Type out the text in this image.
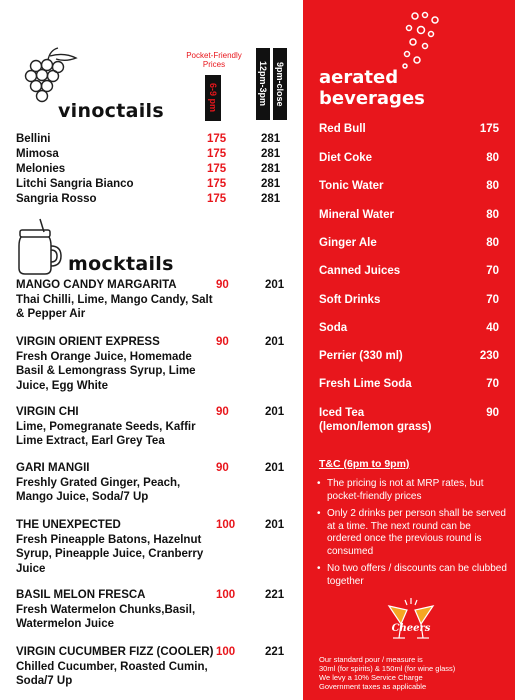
vinoctails
Pocket-Friendly Prices
6-9 pm	12pm-3pm 9pm-close
Bellini	175	281
Mimosa	175	281
Melonies	175	281
Litchi Sangria Bianco	175	281
Sangria Rosso	175	281
mocktails
MANGO CANDY MARGARITA
Thai Chilli, Lime, Mango Candy, Salt & Pepper Air
90	201
VIRGIN ORIENT EXPRESS
Fresh Orange Juice, Homemade Basil & Lemongrass Syrup, Lime Juice, Egg White
90	201
VIRGIN CHI
Lime, Pomegranate Seeds, Kaffir Lime Extract, Earl Grey Tea
90	201
GARI MANGII
Freshly Grated Ginger, Peach, Mango Juice, Soda/7 Up
90	201
THE UNEXPECTED
Fresh Pineapple Batons, Hazelnut Syrup, Pineapple Juice, Cranberry Juice
100	201
BASIL MELON FRESCA
Fresh Watermelon Chunks,Basil, Watermelon Juice
100	221
VIRGIN CUCUMBER FIZZ (COOLER)
Chilled Cucumber, Roasted Cumin, Soda/7 Up
100	221
aerated
beverages
Red Bull	175
Diet Coke	80
Tonic Water	80
Mineral Water	80
Ginger Ale	80
Canned Juices	70
Soft Drinks	70
Soda	40
Perrier (330 ml)	230
Fresh Lime Soda	70
Iced Tea	90
(lemon/lemon grass)
T&C (6pm to 9pm)
• The pricing is not at MRP rates, but pocket-friendly prices
• Only 2 drinks per person shall be served at a time. The next round can be ordered once the previous round is consumed
• No two offers / discounts can be clubbed together
Cheers
Our standard pour / measure is
30ml (for spirits) & 150ml (for wine glass)
We levy a 10% Service Charge
Government taxes as applicable
